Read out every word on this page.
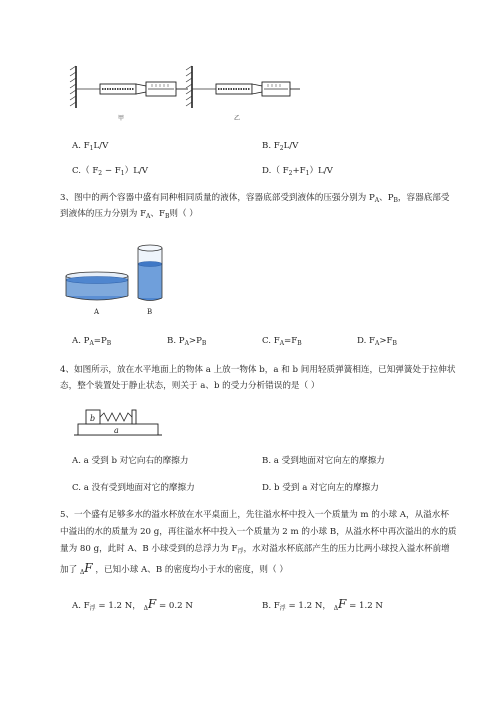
甲	乙
A. $F_1L/V$	B. $F_2L/V$
C.（ $F_2 - F_1)L/V$	D.（ $F_2+F_1)L/V$
3、图中的两个容器中盛有同种相同质量的液体，容器底部受到液体的压强分别为 $P_A$、$P_B$，容器底部受
到液体的压力分别为 $F_A$、$F_B$则（ ）
A	B
A. $P_A=P_B$	B. $P_A>P_B$	C. $F_A=F_B$	D. $F_A>F_B$
4、如图所示，放在水平地面上的物体 a 上放一物体 b，a 和 b 间用轻质弹簧相连，已知弹簧处于拉伸状
态，整个装置处于静止状态，则关于 a、b 的受力分析错误的是（ ）
b
a
A. a 受到 b 对它向右的摩擦力	B. a 受到地面对它向左的摩擦力
C. a 没有受到地面对它的摩擦力	D. b 受到 a 对它向左的摩擦力
5、一个盛有足够多水的溢水杯放在水平桌面上，先往溢水杯中投入一个质量为 m 的小球 A，从溢水杯
中溢出的水的质量为 20 g，再往溢水杯中投入一个质量为 2 m 的小球 B，从溢水杯中再次溢出的水的质
量为 80 g，此时 A、B 小球受到的总浮力为 $F_浮$，水对溢水杯底部产生的压力比两小球投入溢水杯前增
加了 $_\Delta$F ，已知小球 A、B 的密度均小于水的密度，则（ ）
A. $F_浮 = 1.2$ N， $_\Delta$F = 0.2 N	B. $F_浮 = 1.2$ N， $_\Delta$F = 1.2 N
